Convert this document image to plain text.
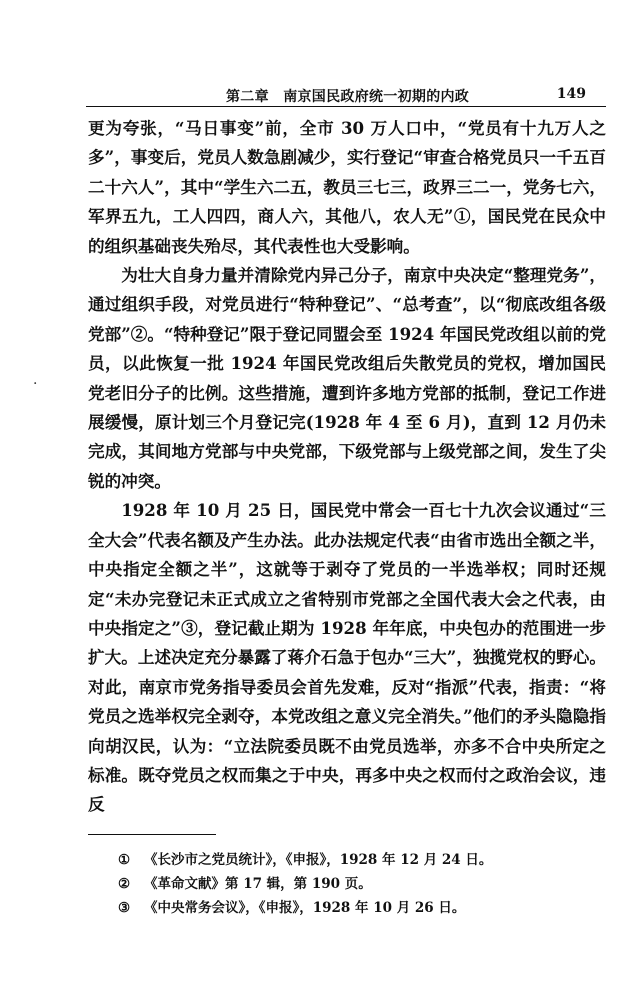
第二章　南京国民政府统一初期的内政	149
·

更为夸张，“马日事变”前，全市 30 万人口中，“党员有十九万人之多”，事变后，党员人数急剧减少，实行登记“审查合格党员只一千五百二十六人”，其中“学生六二五，教员三七三，政界三二一，党务七六，军界五九，工人四四，商人六，其他八，农人无”①，国民党在民众中的组织基础丧失殆尽，其代表性也大受影响。

为壮大自身力量并清除党内异己分子，南京中央决定“整理党务”，通过组织手段，对党员进行“特种登记”、“总考查”，以“彻底改组各级党部”②。“特种登记”限于登记同盟会至 1924 年国民党改组以前的党员，以此恢复一批 1924 年国民党改组后失散党员的党权，增加国民党老旧分子的比例。这些措施，遭到许多地方党部的抵制，登记工作进展缓慢，原计划三个月登记完(1928 年 4 至 6 月)，直到 12 月仍未完成，其间地方党部与中央党部，下级党部与上级党部之间，发生了尖锐的冲突。

1928 年 10 月 25 日，国民党中常会一百七十九次会议通过“三全大会”代表名额及产生办法。此办法规定代表“由省市选出全额之半，中央指定全额之半”，这就等于剥夺了党员的一半选举权；同时还规定“未办完登记未正式成立之省特别市党部之全国代表大会之代表，由中央指定之”③，登记截止期为 1928 年年底，中央包办的范围进一步扩大。上述决定充分暴露了蒋介石急于包办“三大”，独揽党权的野心。对此，南京市党务指导委员会首先发难，反对“指派”代表，指责：“将党员之选举权完全剥夺，本党改组之意义完全消失。”他们的矛头隐隐指向胡汉民，认为：“立法院委员既不由党员选举，亦多不合中央所定之标准。既夺党员之权而集之于中央，再多中央之权而付之政治会议，违反

① 《长沙市之党员统计》，《申报》，1928 年 12 月 24 日。
② 《革命文献》第 17 辑，第 190 页。
③ 《中央常务会议》，《申报》，1928 年 10 月 26 日。
